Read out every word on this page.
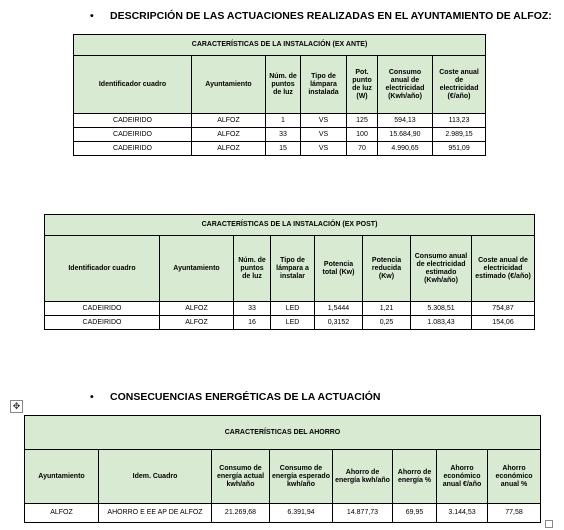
• DESCRIPCIÓN DE LAS ACTUACIONES REALIZADAS EN EL AYUNTAMIENTO DE ALFOZ:
CARACTERÍSTICAS DE LA INSTALACIÓN (EX ANTE)						
Identificador cuadro	Ayuntamiento	Núm. de puntos de luz	Tipo de lámpara instalada	Pot. punto de luz (W)	Consumo anual de electricidad (Kwh/año)	Coste anual de electricidad (€/año)
CADEIRIDO	ALFOZ	1	VS	125	594,13	113,23
CADEIRIDO	ALFOZ	33	VS	100	15.684,90	2.989,15
CADEIRIDO	ALFOZ	15	VS	70	4.990,65	951,09
CARACTERÍSTICAS DE LA INSTALACIÓN (EX POST)							
Identificador cuadro	Ayuntamiento	Núm. de puntos de luz	Tipo de lámpara a instalar	Potencia total (Kw)	Potencia reducida (Kw)	Consumo anual de electricidad estimado (Kwh/año)	Coste anual de electricidad estimado (€/año)
CADEIRIDO	ALFOZ	33	LED	1,5444	1,21	5.308,51	754,87
CADEIRIDO	ALFOZ	16	LED	0,3152	0,25	1.083,43	154,06
• CONSECUENCIAS ENERGÉTICAS DE LA ACTUACIÓN
✥
CARACTERÍSTICAS DEL AHORRO							
Ayuntamiento	Idem. Cuadro	Consumo de energía actual kwh/año	Consumo de energía esperado kwh/año	Ahorro de energía kwh/año	Ahorro de energía %	Ahorro económico anual €/año	Ahorro económico anual %
ALFOZ	AHORRO E EE AP DE ALFOZ	21.269,68	6.391,94	14.877,73	69,95	3.144,53	77,58
